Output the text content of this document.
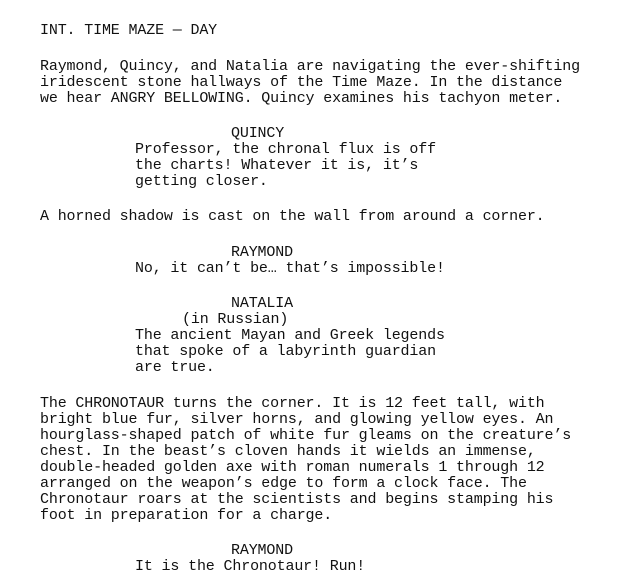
INT. TIME MAZE — DAY
Raymond, Quincy, and Natalia are navigating the ever-shifting
iridescent stone hallways of the Time Maze. In the distance
we hear ANGRY BELLOWING. Quincy examines his tachyon meter.
QUINCY
Professor, the chronal flux is off
the charts! Whatever it is, it’s
getting closer.
A horned shadow is cast on the wall from around a corner.
RAYMOND
No, it can’t be… that’s impossible!
NATALIA
(in Russian)
The ancient Mayan and Greek legends
that spoke of a labyrinth guardian
are true.
The CHRONOTAUR turns the corner. It is 12 feet tall, with
bright blue fur, silver horns, and glowing yellow eyes. An
hourglass-shaped patch of white fur gleams on the creature’s
chest. In the beast’s cloven hands it wields an immense,
double-headed golden axe with roman numerals 1 through 12
arranged on the weapon’s edge to form a clock face. The
Chronotaur roars at the scientists and begins stamping his
foot in preparation for a charge.
RAYMOND
It is the Chronotaur! Run!
